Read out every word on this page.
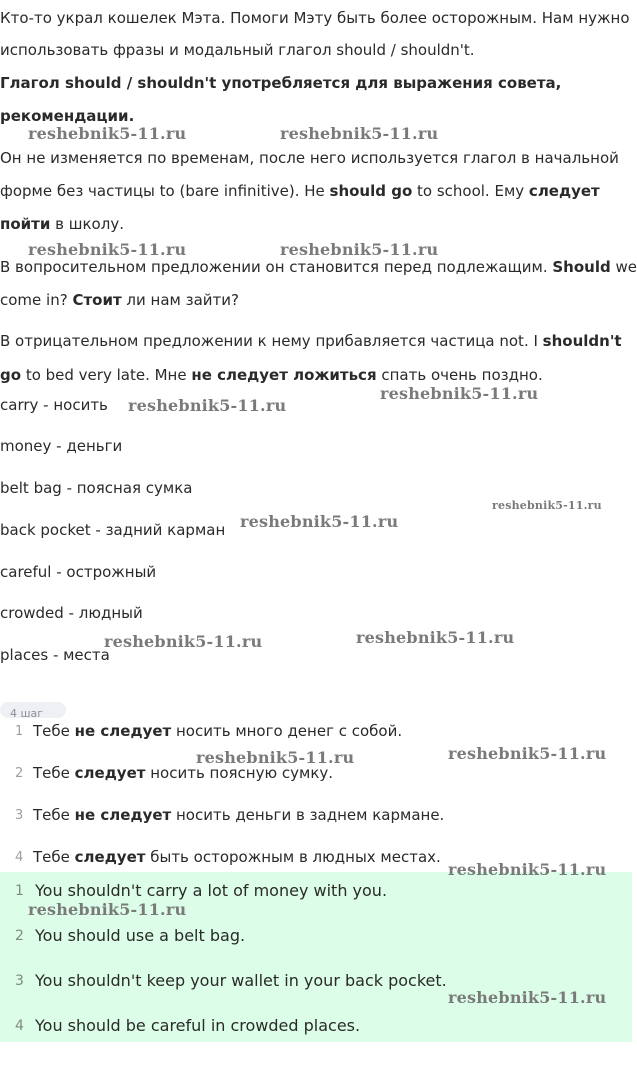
Кто-то украл кошелек Мэта. Помоги Мэту быть более осторожным. Нам нужно
использовать фразы и модальный глагол should / shouldn't.
Глагол should / shouldn't употребляется для выражения совета,
рекомендации.
Он не изменяется по временам, после него используется глагол в начальной
форме без частицы to (bare infinitive). He should go to school. Ему следует
пойти в школу.
В вопросительном предложении он становится перед подлежащим. Should we
come in? Стоит ли нам зайти?
В отрицательном предложении к нему прибавляется частица not. I shouldn't
go to bed very late. Мне не следует ложиться спать очень поздно.
carry - носить
money - деньги
belt bag - поясная сумка
back pocket - задний карман
careful - острожный
crowded - людный
places - места
4 шаг
1 Тебе не следует носить много денег с собой.
2 Тебе следует носить поясную сумку.
3 Тебе не следует носить деньги в заднем кармане.
4 Тебе следует быть осторожным в людных местах.
1 You shouldn't carry a lot of money with you.
2 You should use a belt bag.
3 You shouldn't keep your wallet in your back pocket.
4 You should be careful in crowded places.
reshebnik5-11.ru	reshebnik5-11.ru
reshebnik5-11.ru	reshebnik5-11.ru
reshebnik5-11.ru
reshebnik5-11.ru
reshebnik5-11.ru
reshebnik5-11.ru
reshebnik5-11.ru
reshebnik5-11.ru
reshebnik5-11.ru	reshebnik5-11.ru
reshebnik5-11.ru
reshebnik5-11.ru
reshebnik5-11.ru
